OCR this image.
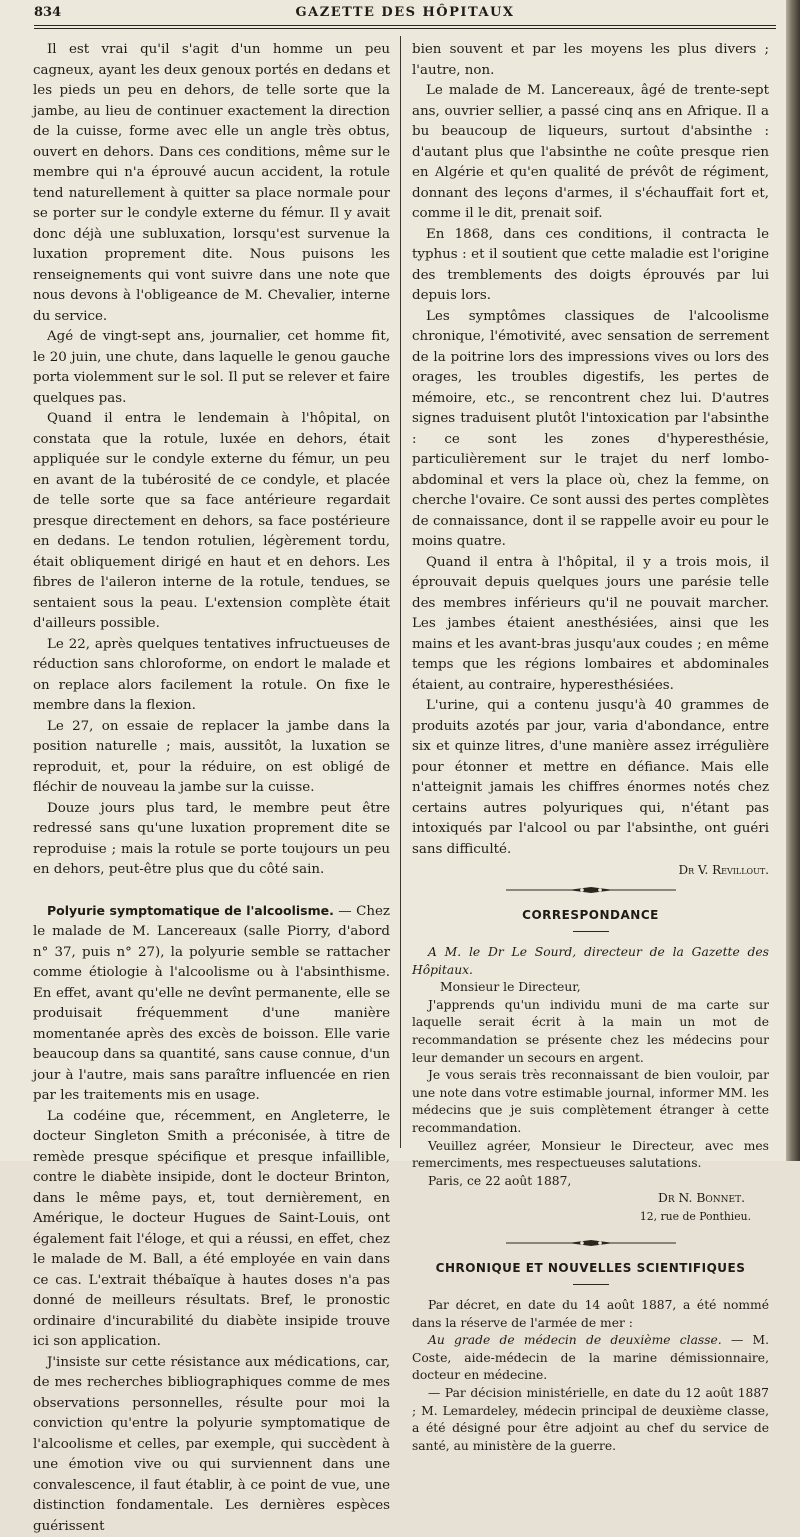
834	GAZETTE DES HÔPITAUX

Il est vrai qu'il s'agit d'un homme un peu cagneux, ayant les deux genoux portés en dedans et les pieds un peu en dehors, de telle sorte que la jambe, au lieu de continuer exactement la direction de la cuisse, forme avec elle un angle très obtus, ouvert en dehors. Dans ces conditions, même sur le membre qui n'a éprouvé aucun accident, la rotule tend naturellement à quitter sa place normale pour se porter sur le condyle externe du fémur. Il y avait donc déjà une subluxation, lorsqu'est survenue la luxation proprement dite. Nous puisons les renseignements qui vont suivre dans une note que nous devons à l'obligeance de M. Chevalier, interne du service.

Agé de vingt-sept ans, journalier, cet homme fit, le 20 juin, une chute, dans laquelle le genou gauche porta violemment sur le sol. Il put se relever et faire quelques pas.

Quand il entra le lendemain à l'hôpital, on constata que la rotule, luxée en dehors, était appliquée sur le condyle externe du fémur, un peu en avant de la tubérosité de ce condyle, et placée de telle sorte que sa face antérieure regardait presque directement en dehors, sa face postérieure en dedans. Le tendon rotulien, légèrement tordu, était obliquement dirigé en haut et en dehors. Les fibres de l'aileron interne de la rotule, tendues, se sentaient sous la peau. L'extension complète était d'ailleurs possible.

Le 22, après quelques tentatives infructueuses de réduction sans chloroforme, on endort le malade et on replace alors facilement la rotule. On fixe le membre dans la flexion.

Le 27, on essaie de replacer la jambe dans la position naturelle ; mais, aussitôt, la luxation se reproduit, et, pour la réduire, on est obligé de fléchir de nouveau la jambe sur la cuisse.

Douze jours plus tard, le membre peut être redressé sans qu'une luxation proprement dite se reproduise ; mais la rotule se porte toujours un peu en dehors, peut-être plus que du côté sain.

Polyurie symptomatique de l'alcoolisme. — Chez le malade de M. Lancereaux (salle Piorry, d'abord n° 37, puis n° 27), la polyurie semble se rattacher comme étiologie à l'alcoolisme ou à l'absinthisme. En effet, avant qu'elle ne devînt permanente, elle se produisait fréquemment d'une manière momentanée après des excès de boisson. Elle varie beaucoup dans sa quantité, sans cause connue, d'un jour à l'autre, mais sans paraître influencée en rien par les traitements mis en usage.

La codéine que, récemment, en Angleterre, le docteur Singleton Smith a préconisée, à titre de remède presque spécifique et presque infaillible, contre le diabète insipide, dont le docteur Brinton, dans le même pays, et, tout dernièrement, en Amérique, le docteur Hugues de Saint-Louis, ont également fait l'éloge, et qui a réussi, en effet, chez le malade de M. Ball, a été employée en vain dans ce cas. L'extrait thébaïque à hautes doses n'a pas donné de meilleurs résultats. Bref, le pronostic ordinaire d'incurabilité du diabète insipide trouve ici son application.

J'insiste sur cette résistance aux médications, car, de mes recherches bibliographiques comme de mes observations personnelles, résulte pour moi la conviction qu'entre la polyurie symptomatique de l'alcoolisme et celles, par exemple, qui succèdent à une émotion vive ou qui surviennent dans une convalescence, il faut établir, à ce point de vue, une distinction fondamentale. Les dernières espèces guérissent

bien souvent et par les moyens les plus divers ; l'autre, non.

Le malade de M. Lancereaux, âgé de trente-sept ans, ouvrier sellier, a passé cinq ans en Afrique. Il a bu beaucoup de liqueurs, surtout d'absinthe : d'autant plus que l'absinthe ne coûte presque rien en Algérie et qu'en qualité de prévôt de régiment, donnant des leçons d'armes, il s'échauffait fort et, comme il le dit, prenait soif.

En 1868, dans ces conditions, il contracta le typhus : et il soutient que cette maladie est l'origine des tremblements des doigts éprouvés par lui depuis lors.

Les symptômes classiques de l'alcoolisme chronique, l'émotivité, avec sensation de serrement de la poitrine lors des impressions vives ou lors des orages, les troubles digestifs, les pertes de mémoire, etc., se rencontrent chez lui. D'autres signes traduisent plutôt l'intoxication par l'absinthe : ce sont les zones d'hyperesthésie, particulièrement sur le trajet du nerf lombo-abdominal et vers la place où, chez la femme, on cherche l'ovaire. Ce sont aussi des pertes complètes de connaissance, dont il se rappelle avoir eu pour le moins quatre.

Quand il entra à l'hôpital, il y a trois mois, il éprouvait depuis quelques jours une parésie telle des membres inférieurs qu'il ne pouvait marcher. Les jambes étaient anesthésiées, ainsi que les mains et les avant-bras jusqu'aux coudes ; en même temps que les régions lombaires et abdominales étaient, au contraire, hyperesthésiées.

L'urine, qui a contenu jusqu'à 40 grammes de produits azotés par jour, varia d'abondance, entre six et quinze litres, d'une manière assez irrégulière pour étonner et mettre en défiance. Mais elle n'atteignit jamais les chiffres énormes notés chez certains autres polyuriques qui, n'étant pas intoxiqués par l'alcool ou par l'absinthe, ont guéri sans difficulté.

Dr V. Revillout.
CORRESPONDANCE

A M. le Dr Le Sourd, directeur de la Gazette des Hôpitaux.

Monsieur le Directeur,

J'apprends qu'un individu muni de ma carte sur laquelle serait écrit à la main un mot de recommandation se présente chez les médecins pour leur demander un secours en argent.

Je vous serais très reconnaissant de bien vouloir, par une note dans votre estimable journal, informer MM. les médecins que je suis complètement étranger à cette recommandation.

Veuillez agréer, Monsieur le Directeur, avec mes remerciments, mes respectueuses salutations.

Paris, ce 22 août 1887,

Dr N. Bonnet.
12, rue de Ponthieu.
CHRONIQUE ET NOUVELLES SCIENTIFIQUES

Par décret, en date du 14 août 1887, a été nommé dans la réserve de l'armée de mer :

Au grade de médecin de deuxième classe. — M. Coste, aide-médecin de la marine démissionnaire, docteur en médecine.

— Par décision ministérielle, en date du 12 août 1887 ; M. Lemardeley, médecin principal de deuxième classe, a été désigné pour être adjoint au chef du service de santé, au ministère de la guerre.
